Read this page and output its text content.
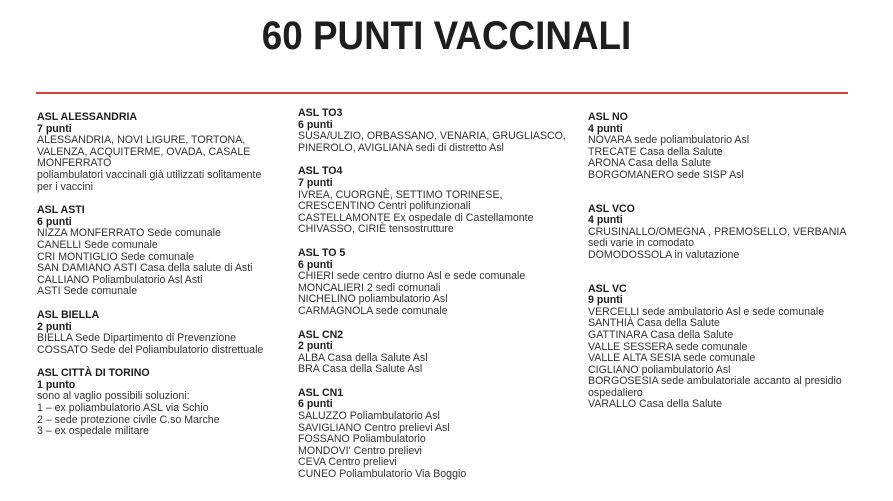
60 PUNTI VACCINALI
ASL ALESSANDRIA
7 punti
ALESSANDRIA, NOVI LIGURE, TORTONA,
VALENZA, ACQUITERME, OVADA, CASALE
MONFERRATO
poliambulatori vaccinali già utilizzati solitamente
per i vaccini
ASL ASTI
6 punti
NIZZA MONFERRATO Sede comunale
CANELLI Sede comunale
CRI MONTIGLIO Sede comunale
SAN DAMIANO ASTI Casa della salute di Asti
CALLIANO Poliambulatorio Asl Asti
ASTI Sede comunale
ASL BIELLA
2 punti
BIELLA Sede Dipartimento di Prevenzione
COSSATO Sede del Poliambulatorio distrettuale
ASL CITTÀ DI TORINO
1 punto
sono al vaglio possibili soluzioni:
1 – ex poliambulatorio ASL via Schio
2 – sede protezione civile C.so Marche
3 – ex ospedale militare
ASL TO3
6 punti
SUSA/ULZIO, ORBASSANO, VENARIA, GRUGLIASCO,
PINEROLO, AVIGLIANA sedi di distretto Asl
ASL TO4
7 punti
IVREA, CUORGNÈ, SETTIMO TORINESE,
CRESCENTINO Centri polifunzionali
CASTELLAMONTE Ex ospedale di Castellamonte
CHIVASSO, CIRIÈ tensostrutture
ASL TO 5
6 punti
CHIERI sede centro diurno Asl e sede comunale
MONCALIERI 2 sedi comunali
NICHELINO poliambulatorio Asl
CARMAGNOLA sede comunale
ASL CN2
2 punti
ALBA Casa della Salute Asl
BRA Casa della Salute Asl
ASL CN1
6 punti
SALUZZO Poliambulatorio Asl
SAVIGLIANO Centro prelievi Asl
FOSSANO Poliambulatorio
MONDOVI' Centro prelievi
CEVA Centro prelievi
CUNEO Poliambulatorio Via Boggio
ASL NO
4 punti
NOVARA sede poliambulatorio Asl
TRECATE Casa della Salute
ARONA Casa della Salute
BORGOMANERO sede SISP Asl
ASL VCO
4 punti
CRUSINALLO/OMEGNA , PREMOSELLO, VERBANIA
sedi varie in comodato
DOMODOSSOLA in valutazione
ASL VC
9 punti
VERCELLI sede ambulatorio Asl e sede comunale
SANTHIÀ Casa della Salute
GATTINARA Casa della Salute
VALLE SESSERA sede comunale
VALLE ALTA SESIA sede comunale
CIGLIANO poliambulatorio Asl
BORGOSESIA sede ambulatoriale accanto al presidio
ospedaliero
VARALLO Casa della Salute
